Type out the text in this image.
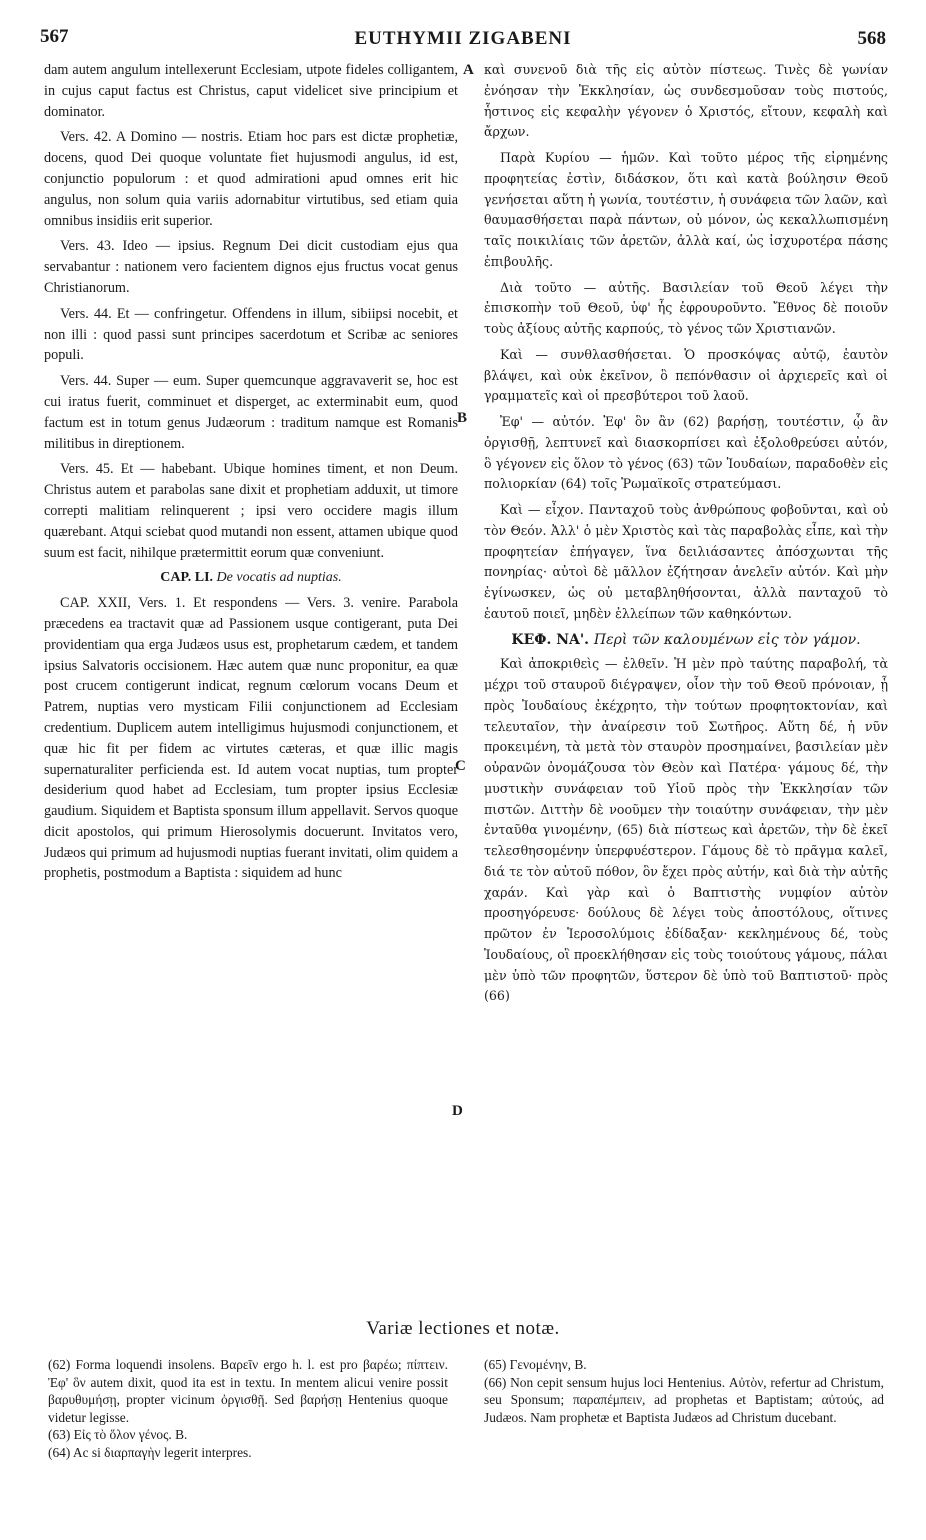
567	EUTHYMII ZIGABENI	568

dam autem angulum intellexerunt Ecclesiam, utpote fideles colligantem, in cujus caput factus est Christus, caput videlicet sive principium et dominator.

Vers. 42. A Domino — nostris. Etiam hoc pars est dictæ prophetiæ, docens, quod Dei quoque voluntate fiet hujusmodi angulus, id est, conjunctio populorum : et quod admirationi apud omnes erit hic angulus, non solum quia variis adornabitur virtutibus, sed etiam quia omnibus insidiis erit superior.

Vers. 43. Ideo — ipsius. Regnum Dei dicit custodiam ejus qua servabantur : nationem vero facientem dignos ejus fructus vocat genus Christianorum.

Vers. 44. Et — confringetur. Offendens in illum, sibiipsi nocebit, et non illi : quod passi sunt principes sacerdotum et Scribæ ac seniores populi.

Vers. 44. Super — eum. Super quemcunque aggravaverit se, hoc est cui iratus fuerit, comminuet et disperget, ac exterminabit eum, quod factum est in totum genus Judæorum : traditum namque est Romanis militibus in direptionem.

Vers. 45. Et — habebant. Ubique homines timent, et non Deum. Christus autem et parabolas sane dixit et prophetiam adduxit, ut timore correpti malitiam relinquerent ; ipsi vero occidere magis illum quærebant. Atqui sciebat quod mutandi non essent, attamen ubique quod suum est facit, nihilque prætermittit eorum quæ conveniunt.

CAP. LI. De vocatis ad nuptias.

CAP. XXII, Vers. 1. Et respondens — Vers. 3. venire. Parabola præcedens ea tractavit quæ ad Passionem usque contigerant, puta Dei providentiam qua erga Judæos usus est, prophetarum cædem, et tandem ipsius Salvatoris occisionem. Hæc autem quæ nunc proponitur, ea quæ post crucem contigerunt indicat, regnum cœlorum vocans Deum et Patrem, nuptias vero mysticam Filii conjunctionem ad Ecclesiam credentium. Duplicem autem intelligimus hujusmodi conjunctionem, et quæ hic fit per fidem ac virtutes cæteras, et quæ illic magis supernaturaliter perficienda est. Id autem vocat nuptias, tum propter desiderium quod habet ad Ecclesiam, tum propter ipsius Ecclesiæ gaudium. Siquidem et Baptista sponsum illum appellavit. Servos quoque dicit apostolos, qui primum Hierosolymis docuerunt. Invitatos vero, Judæos qui primum ad hujusmodi nuptias fuerant invitati, olim quidem a prophetis, postmodum a Baptista : siquidem ad hunc

A
B
C
D

καὶ συνενοῦ διὰ τῆς εἰς αὐτὸν πίστεως. Τινὲς δὲ γωνίαν ἐνόησαν τὴν Ἐκκλησίαν, ὡς συνδεσμοῦσαν τοὺς πιστούς, ἧστινος εἰς κεφαλὴν γέγονεν ὁ Χριστός, εἴτουν, κεφαλὴ καὶ ἄρχων.

Παρὰ Κυρίου — ἡμῶν. Καὶ τοῦτο μέρος τῆς εἰρημένης προφητείας ἐστὶν, διδάσκον, ὅτι καὶ κατὰ βούλησιν Θεοῦ γενήσεται αὕτη ἡ γωνία, τουτέστιν, ἡ συνάφεια τῶν λαῶν, καὶ θαυμασθήσεται παρὰ πάντων, οὐ μόνον, ὡς κεκαλλωπισμένη ταῖς ποικιλίαις τῶν ἀρετῶν, ἀλλὰ καί, ὡς ἰσχυροτέρα πάσης ἐπιβουλῆς.

Διὰ τοῦτο — αὐτῆς. Βασιλείαν τοῦ Θεοῦ λέγει τὴν ἐπισκοπὴν τοῦ Θεοῦ, ὑφ' ἧς ἐφρουροῦντο. Ἔθνος δὲ ποιοῦν τοὺς ἀξίους αὐτῆς καρπούς, τὸ γένος τῶν Χριστιανῶν.

Καὶ — συνθλασθήσεται. Ὁ προσκόψας αὐτῷ, ἑαυτὸν βλάψει, καὶ οὐκ ἐκεῖνον, ὃ πεπόνθασιν οἱ ἀρχιερεῖς καὶ οἱ γραμματεῖς καὶ οἱ πρεσβύτεροι τοῦ λαοῦ.

Ἐφ' — αὐτόν. Ἐφ' ὃν ἂν (62) βαρήσῃ, τουτέστιν, ᾧ ἂν ὀργισθῇ, λεπτυνεῖ καὶ διασκορπίσει καὶ ἐξολοθρεύσει αὐτόν, ὃ γέγονεν εἰς ὅλον τὸ γένος (63) τῶν Ἰουδαίων, παραδοθὲν εἰς πολιορκίαν (64) τοῖς Ῥωμαϊκοῖς στρατεύμασι.

Καὶ — εἶχον. Πανταχοῦ τοὺς ἀνθρώπους φοβοῦνται, καὶ οὐ τὸν Θεόν. Ἀλλ' ὁ μὲν Χριστὸς καὶ τὰς παραβολὰς εἶπε, καὶ τὴν προφητείαν ἐπήγαγεν, ἵνα δειλιάσαντες ἀπόσχωνται τῆς πονηρίας· αὐτοὶ δὲ μᾶλλον ἐζήτησαν ἀνελεῖν αὐτόν. Καὶ μὴν ἐγίνωσκεν, ὡς οὐ μεταβληθήσονται, ἀλλὰ πανταχοῦ τὸ ἑαυτοῦ ποιεῖ, μηδὲν ἐλλείπων τῶν καθηκόντων.

ΚΕΦ. ΝΑ'. Περὶ τῶν καλουμένων εἰς τὸν γάμον.

Καὶ ἀποκριθεὶς — ἐλθεῖν. Ἡ μὲν πρὸ ταύτης παραβολή, τὰ μέχρι τοῦ σταυροῦ διέγραψεν, οἷον τὴν τοῦ Θεοῦ πρόνοιαν, ᾗ πρὸς Ἰουδαίους ἐκέχρητο, τὴν τούτων προφητοκτονίαν, καὶ τελευταῖον, τὴν ἀναίρεσιν τοῦ Σωτῆρος. Αὕτη δέ, ἡ νῦν προκειμένη, τὰ μετὰ τὸν σταυρὸν προσημαίνει, βασιλείαν μὲν οὐρανῶν ὀνομάζουσα τὸν Θεὸν καὶ Πατέρα· γάμους δέ, τὴν μυστικὴν συνάφειαν τοῦ Υἱοῦ πρὸς τὴν Ἐκκλησίαν τῶν πιστῶν. Διττὴν δὲ νοοῦμεν τὴν τοιαύτην συνάφειαν, τὴν μὲν ἐνταῦθα γινομένην, (65) διὰ πίστεως καὶ ἀρετῶν, τὴν δὲ ἐκεῖ τελεσθησομένην ὑπερφυέστερον. Γάμους δὲ τὸ πρᾶγμα καλεῖ, διά τε τὸν αὐτοῦ πόθον, ὃν ἔχει πρὸς αὐτήν, καὶ διὰ τὴν αὐτῆς χαράν. Καὶ γὰρ καὶ ὁ Βαπτιστὴς νυμφίον αὐτὸν προσηγόρευσε· δούλους δὲ λέγει τοὺς ἀποστόλους, οἵτινες πρῶτον ἐν Ἱεροσολύμοις ἐδίδαξαν· κεκλημένους δέ, τοὺς Ἰουδαίους, οἳ προεκλήθησαν εἰς τοὺς τοιούτους γάμους, πάλαι μὲν ὑπὸ τῶν προφητῶν, ὕστερον δὲ ὑπὸ τοῦ Βαπτιστοῦ· πρὸς (66)

Variæ lectiones et notæ.

(62) Forma loquendi insolens. Βαρεῖν ergo h. l. est pro βαρέω; πίπτειν. Ἐφ' ὃν autem dixit, quod ita est in textu. In mentem alicui venire possit βαρυθυμήσῃ, propter vicinum ὀργισθῇ. Sed βαρήσῃ Hentenius quoque videtur legisse.

(63) Εἰς τὸ ὅλον γένος. B.

(64) Ac si διαρπαγὴν legerit interpres.

(65) Γενομένην, B.

(66) Non cepit sensum hujus loci Hentenius. Αὐτὸν, refertur ad Christum, seu Sponsum; παραπέμπειν, ad prophetas et Baptistam; αὐτούς, ad Judæos. Nam prophetæ et Baptista Judæos ad Christum ducebant.
